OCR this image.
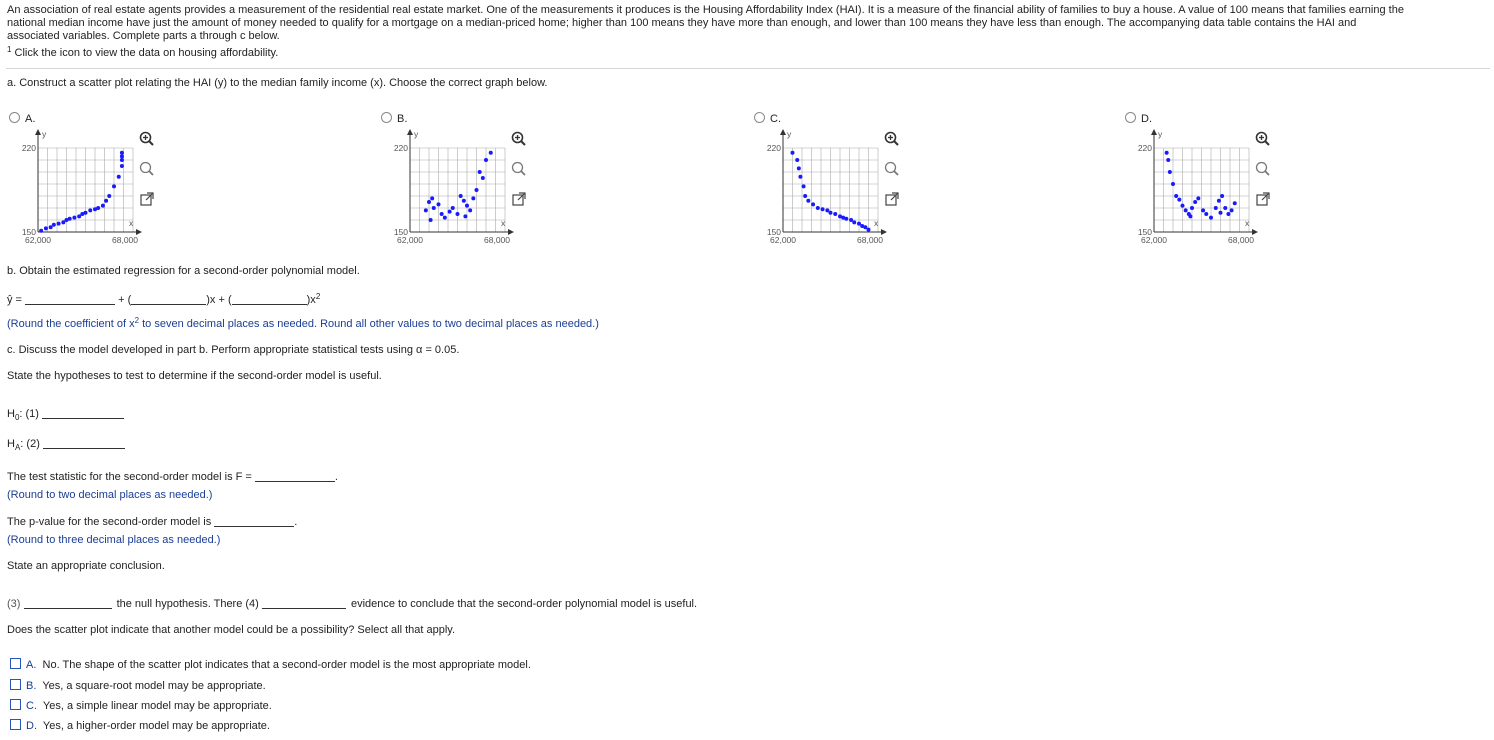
An association of real estate agents provides a measurement of the residential real estate market. One of the measurements it produces is the Housing Affordability Index (HAI). It is a measure of the financial ability of families to buy a house. A value of 100 means that families earning the

national median income have just the amount of money needed to qualify for a mortgage on a median-priced home; higher than 100 means they have more than enough, and lower than 100 means they have less than enough. The accompanying data table contains the HAI and

associated variables. Complete parts a through c below.

$^1$ Click the icon to view the data on housing affordability.

a. Construct a scatter plot relating the HAI (y) to the median family income (x). Choose the correct graph below.
A.	B.	C.	D.
y
x
220
150
62,000	68,000
y
x
220
150
62,000	68,000
y
x
220
150
62,000	68,000
y
x
220
150
62,000	68,000
b. Obtain the estimated regression for a second-order polynomial model.
ŷ =	+ (	)x + (	)$x^2$
(Round the coefficient of $x^2$ to seven decimal places as needed. Round all other values to two decimal places as needed.)
c. Discuss the model developed in part b. Perform appropriate statistical tests using α = 0.05.
State the hypotheses to test to determine if the second-order model is useful.
$H_0$: (1)
$H_A$: (2)
The test statistic for the second-order model is F =	.
(Round to two decimal places as needed.)
The p-value for the second-order model is	.
(Round to three decimal places as needed.)
State an appropriate conclusion.
(3)	the null hypothesis. There (4)	evidence to conclude that the second-order polynomial model is useful.
Does the scatter plot indicate that another model could be a possibility? Select all that apply.
A. No. The shape of the scatter plot indicates that a second-order model is the most appropriate model.
B. Yes, a square-root model may be appropriate.
C. Yes, a simple linear model may be appropriate.
D. Yes, a higher-order model may be appropriate.
